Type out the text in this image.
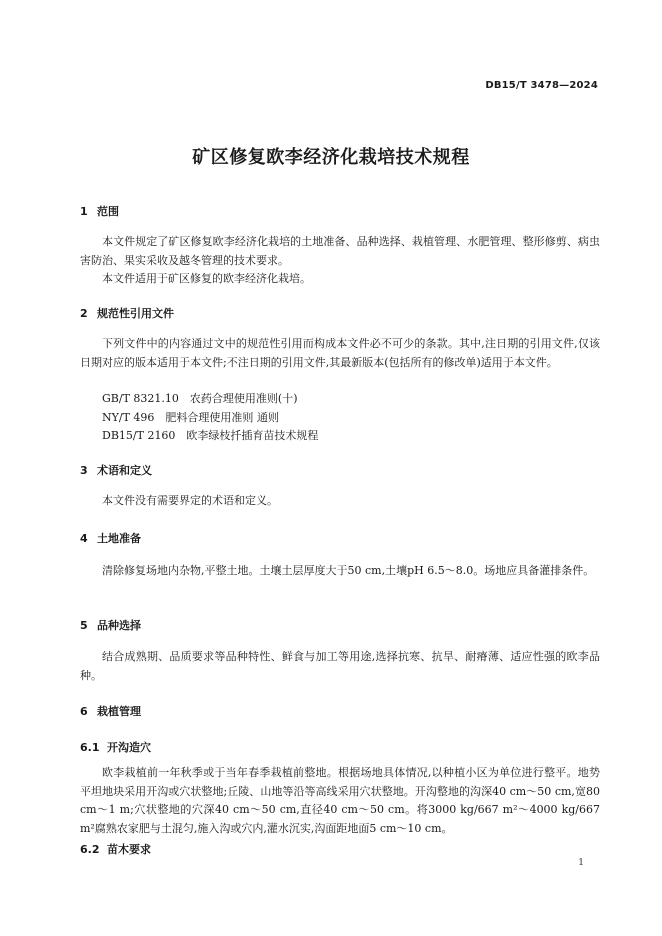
DB15/T 3478—2024
矿区修复欧李经济化栽培技术规程
1 范围
本文件规定了矿区修复欧李经济化栽培的土地准备、品种选择、栽植管理、水肥管理、整形修剪、病虫害防治、果实采收及越冬管理的技术要求。
本文件适用于矿区修复的欧李经济化栽培。
2 规范性引用文件
下列文件中的内容通过文中的规范性引用而构成本文件必不可少的条款。其中,注日期的引用文件,仅该日期对应的版本适用于本文件;不注日期的引用文件,其最新版本(包括所有的修改单)适用于本文件。
GB/T 8321.10　农药合理使用准则(十)
NY/T 496　肥料合理使用准则 通则
DB15/T 2160　欧李绿枝扦插育苗技术规程
3 术语和定义
本文件没有需要界定的术语和定义。
4 土地准备
清除修复场地内杂物,平整土地。土壤土层厚度大于50 cm,土壤pH 6.5～8.0。场地应具备灌排条件。
5 品种选择
结合成熟期、品质要求等品种特性、鲜食与加工等用途,选择抗寒、抗旱、耐瘠薄、适应性强的欧李品种。
6 栽植管理
6.1 开沟造穴
欧李栽植前一年秋季或于当年春季栽植前整地。根据场地具体情况,以种植小区为单位进行整平。地势平坦地块采用开沟或穴状整地;丘陵、山地等沿等高线采用穴状整地。开沟整地的沟深40 cm～50 cm,宽80 cm～1 m;穴状整地的穴深40 cm～50 cm,直径40 cm～50 cm。将3000 kg/667 m²～4000 kg/667 m²腐熟农家肥与土混匀,施入沟或穴内,灌水沉实,沟面距地面5 cm～10 cm。
6.2 苗木要求
1
